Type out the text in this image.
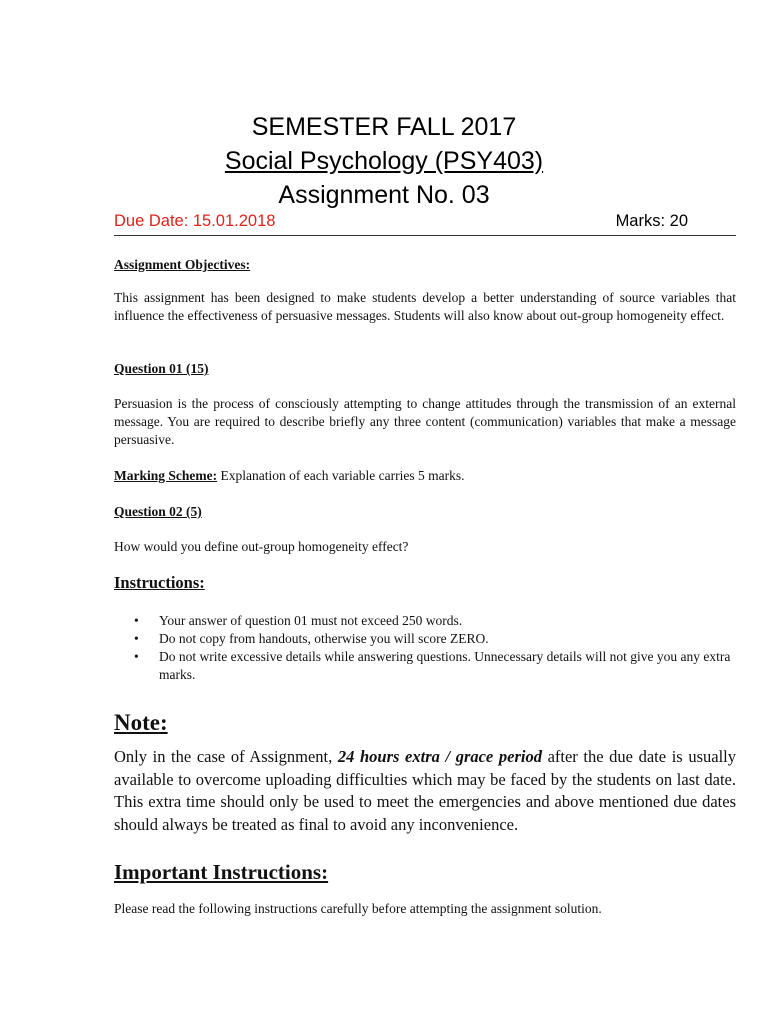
SEMESTER FALL 2017
Social Psychology (PSY403)
Assignment No. 03
Due Date: 15.01.2018	Marks: 20
Assignment Objectives:
This assignment has been designed to make students develop a better understanding of source variables that influence the effectiveness of persuasive messages. Students will also know about out-group homogeneity effect.
Question 01 (15)
Persuasion is the process of consciously attempting to change attitudes through the transmission of an external message. You are required to describe briefly any three content (communication) variables that make a message persuasive.
Marking Scheme: Explanation of each variable carries 5 marks.
Question 02 (5)
How would you define out-group homogeneity effect?
Instructions:
• Your answer of question 01 must not exceed 250 words.
• Do not copy from handouts, otherwise you will score ZERO.
• Do not write excessive details while answering questions. Unnecessary details will not give you any extra marks.
Note:
Only in the case of Assignment, 24 hours extra / grace period after the due date is usually available to overcome uploading difficulties which may be faced by the students on last date. This extra time should only be used to meet the emergencies and above mentioned due dates should always be treated as final to avoid any inconvenience.
Important Instructions:
Please read the following instructions carefully before attempting the assignment solution.
